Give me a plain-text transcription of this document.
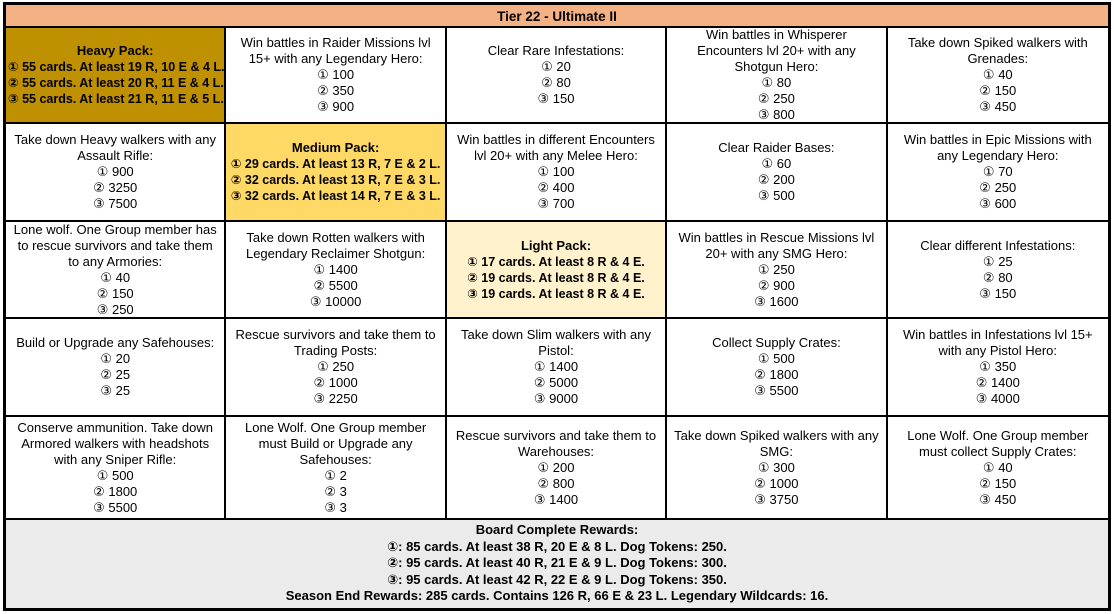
Tier 22 - Ultimate II
Heavy Pack:
① 55 cards. At least 19 R, 10 E & 4 L.
② 55 cards. At least 20 R, 11 E & 4 L.
③ 55 cards. At least 21 R, 11 E & 5 L.
Win battles in Raider Missions lvl 15+ with any Legendary Hero:
① 100
② 350
③ 900
Clear Rare Infestations:
① 20
② 80
③ 150
Win battles in Whisperer Encounters lvl 20+ with any Shotgun Hero:
① 80
② 250
③ 800
Take down Spiked walkers with Grenades:
① 40
② 150
③ 450
Take down Heavy walkers with any Assault Rifle:
① 900
② 3250
③ 7500
Medium Pack:
① 29 cards. At least 13 R, 7 E & 2 L.
② 32 cards. At least 13 R, 7 E & 3 L.
③ 32 cards. At least 14 R, 7 E & 3 L.
Win battles in different Encounters lvl 20+ with any Melee Hero:
① 100
② 400
③ 700
Clear Raider Bases:
① 60
② 200
③ 500
Win battles in Epic Missions with any Legendary Hero:
① 70
② 250
③ 600
Lone wolf. One Group member has to rescue survivors and take them to any Armories:
① 40
② 150
③ 250
Take down Rotten walkers with Legendary Reclaimer Shotgun:
① 1400
② 5500
③ 10000
Light Pack:
① 17 cards. At least 8 R & 4 E.
② 19 cards. At least 8 R & 4 E.
③ 19 cards. At least 8 R & 4 E.
Win battles in Rescue Missions lvl 20+ with any SMG Hero:
① 250
② 900
③ 1600
Clear different Infestations:
① 25
② 80
③ 150
Build or Upgrade any Safehouses:
① 20
② 25
③ 25
Rescue survivors and take them to Trading Posts:
① 250
② 1000
③ 2250
Take down Slim walkers with any Pistol:
① 1400
② 5000
③ 9000
Collect Supply Crates:
① 500
② 1800
③ 5500
Win battles in Infestations lvl 15+ with any Pistol Hero:
① 350
② 1400
③ 4000
Conserve ammunition. Take down Armored walkers with headshots with any Sniper Rifle:
① 500
② 1800
③ 5500
Lone Wolf. One Group member must Build or Upgrade any Safehouses:
① 2
② 3
③ 3
Rescue survivors and take them to Warehouses:
① 200
② 800
③ 1400
Take down Spiked walkers with any SMG:
① 300
② 1000
③ 3750
Lone Wolf. One Group member must collect Supply Crates:
① 40
② 150
③ 450
Board Complete Rewards:
①: 85 cards. At least 38 R, 20 E & 8 L. Dog Tokens: 250.
②: 95 cards. At least 40 R, 21 E & 9 L. Dog Tokens: 300.
③: 95 cards. At least 42 R, 22 E & 9 L. Dog Tokens: 350.
Season End Rewards: 285 cards. Contains 126 R, 66 E & 23 L. Legendary Wildcards: 16.
